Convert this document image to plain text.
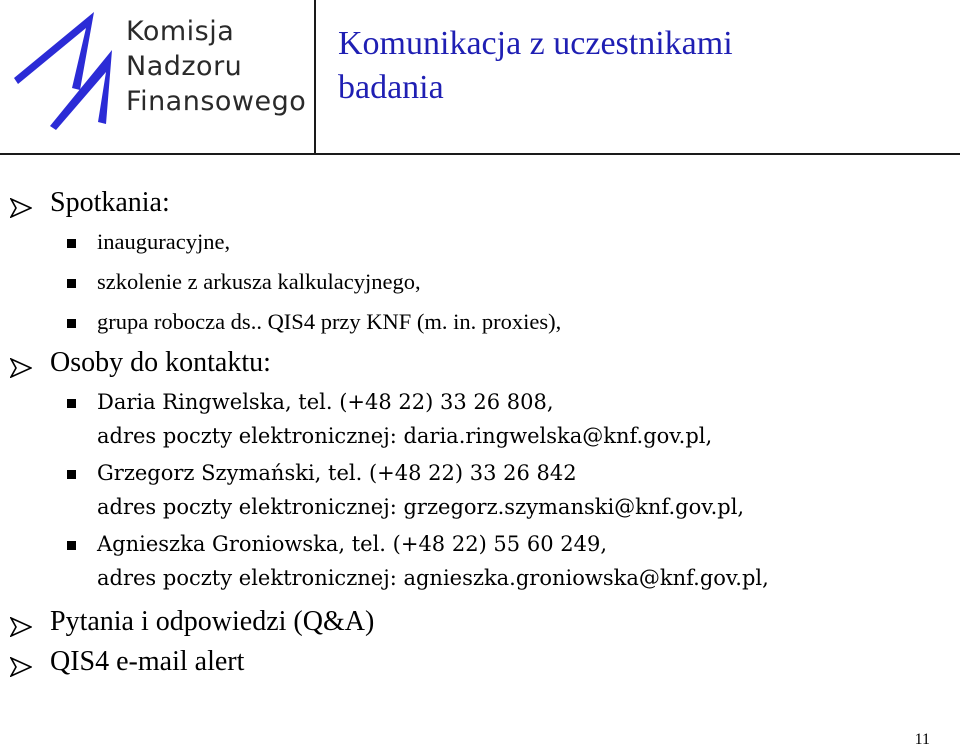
Komisja
Nadzoru
Finansowego
Komunikacja z uczestnikami
badania
Spotkania:
inauguracyjne,
szkolenie z arkusza kalkulacyjnego,
grupa robocza ds.. QIS4 przy KNF (m. in. proxies),
Osoby do kontaktu:
Daria Ringwelska, tel. (+48 22) 33 26 808,
adres poczty elektronicznej: daria.ringwelska@knf.gov.pl,
Grzegorz Szymański, tel. (+48 22) 33 26 842
adres poczty elektronicznej: grzegorz.szymanski@knf.gov.pl,
Agnieszka Groniowska, tel. (+48 22) 55 60 249,
adres poczty elektronicznej: agnieszka.groniowska@knf.gov.pl,
Pytania i odpowiedzi (Q&A)
QIS4 e-mail alert
11
